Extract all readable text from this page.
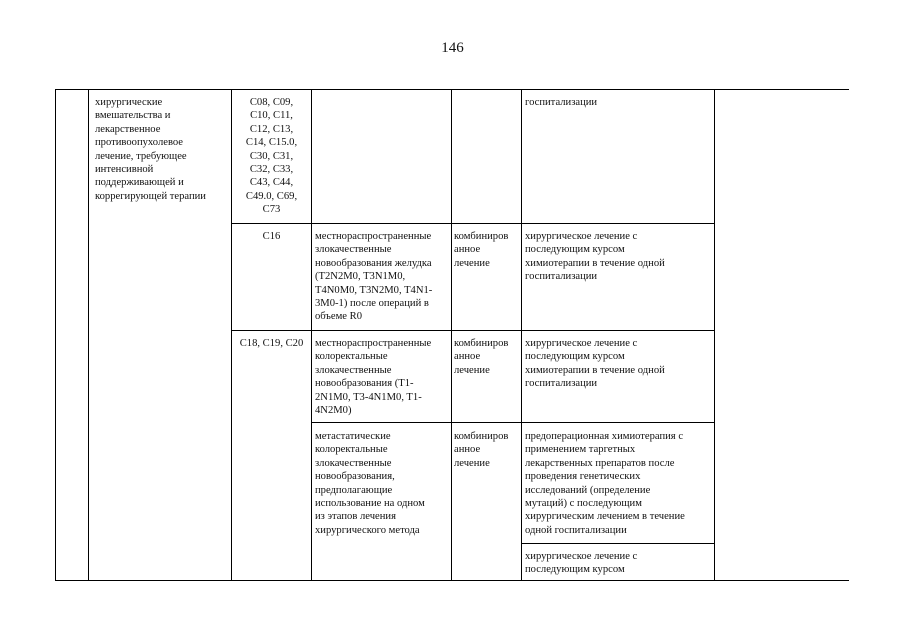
146
хирургические
вмешательства и
лекарственное
противоопухолевое
лечение, требующее
интенсивной
поддерживающей и
коррегирующей терапии
С08, С09,
С10, С11,
С12, С13,
С14, С15.0,
С30, С31,
С32, С33,
С43, С44,
С49.0, С69,
С73
госпитализации
С16	местнораспространенные
злокачественные
новообразования желудка
(T2N2M0, T3N1M0,
T4N0M0, T3N2M0, T4N1-
3M0-1) после операций в
объеме R0
комбиниров
анное
лечение
хирургическое лечение с
последующим курсом
химиотерапии в течение одной
госпитализации
С18, С19, С20	местнораспространенные
колоректальные
злокачественные
новообразования (T1-
2N1M0, T3-4N1M0, T1-
4N2M0)
комбиниров
анное
лечение
хирургическое лечение с
последующим курсом
химиотерапии в течение одной
госпитализации
метастатические
колоректальные
злокачественные
новообразования,
предполагающие
использование на одном
из этапов лечения
хирургического метода
комбиниров
анное
лечение
предоперационная химиотерапия с
применением таргетных
лекарственных препаратов после
проведения генетических
исследований (определение
мутаций) с последующим
хирургическим лечением в течение
одной госпитализации
хирургическое лечение с
последующим курсом
